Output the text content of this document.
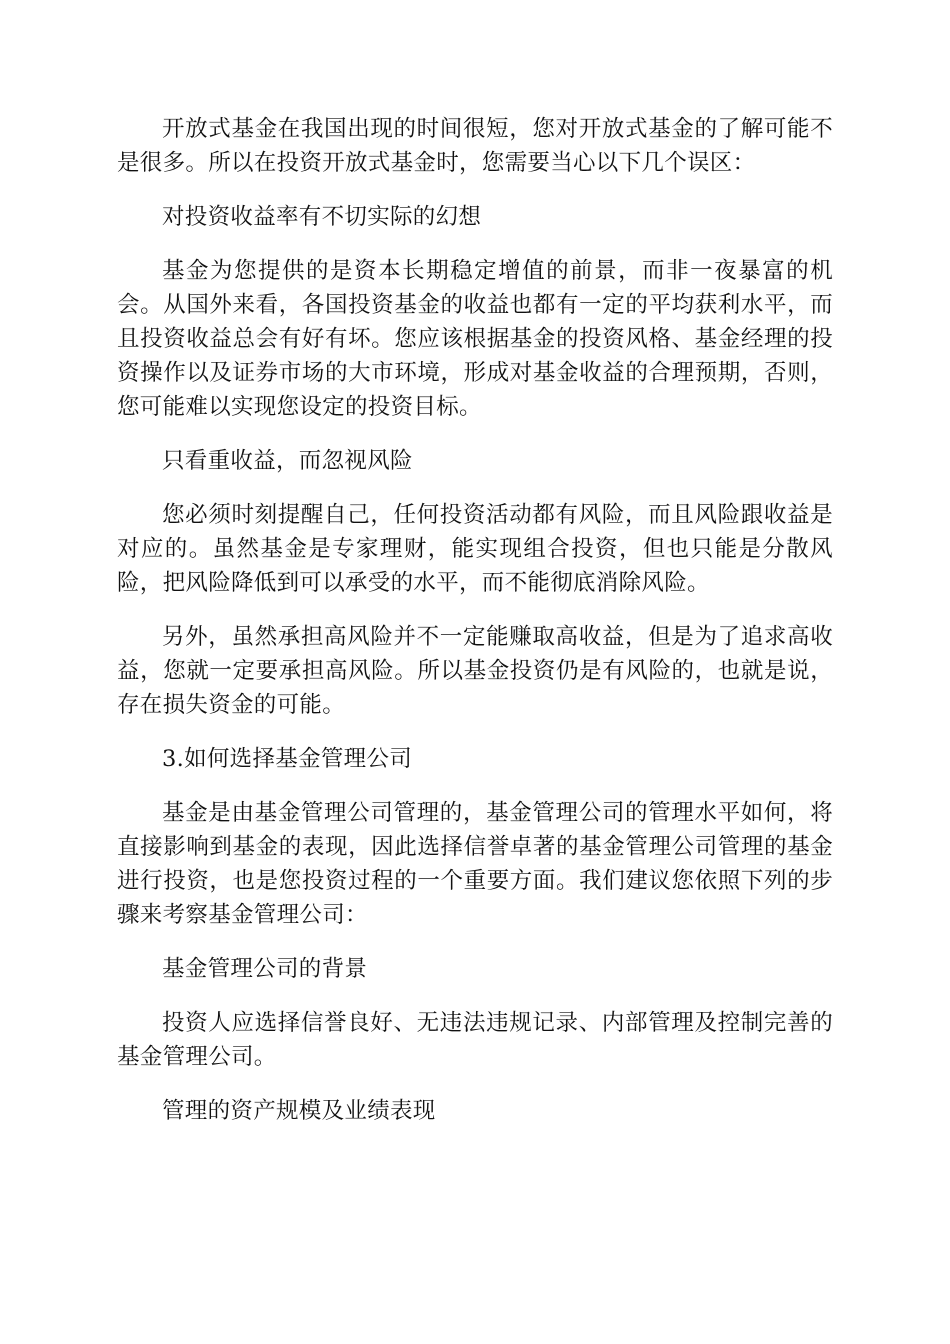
开放式基金在我国出现的时间很短，您对开放式基金的了解可能不是很多。所以在投资开放式基金时，您需要当心以下几个误区：

对投资收益率有不切实际的幻想

基金为您提供的是资本长期稳定增值的前景，而非一夜暴富的机会。从国外来看，各国投资基金的收益也都有一定的平均获利水平，而且投资收益总会有好有坏。您应该根据基金的投资风格、基金经理的投资操作以及证券市场的大市环境，形成对基金收益的合理预期，否则，您可能难以实现您设定的投资目标。

只看重收益，而忽视风险

您必须时刻提醒自己，任何投资活动都有风险，而且风险跟收益是对应的。虽然基金是专家理财，能实现组合投资，但也只能是分散风险，把风险降低到可以承受的水平，而不能彻底消除风险。

另外，虽然承担高风险并不一定能赚取高收益，但是为了追求高收益，您就一定要承担高风险。所以基金投资仍是有风险的，也就是说，存在损失资金的可能。

3.如何选择基金管理公司

基金是由基金管理公司管理的，基金管理公司的管理水平如何，将直接影响到基金的表现，因此选择信誉卓著的基金管理公司管理的基金进行投资，也是您投资过程的一个重要方面。我们建议您依照下列的步骤来考察基金管理公司：

基金管理公司的背景

投资人应选择信誉良好、无违法违规记录、内部管理及控制完善的基金管理公司。

管理的资产规模及业绩表现
